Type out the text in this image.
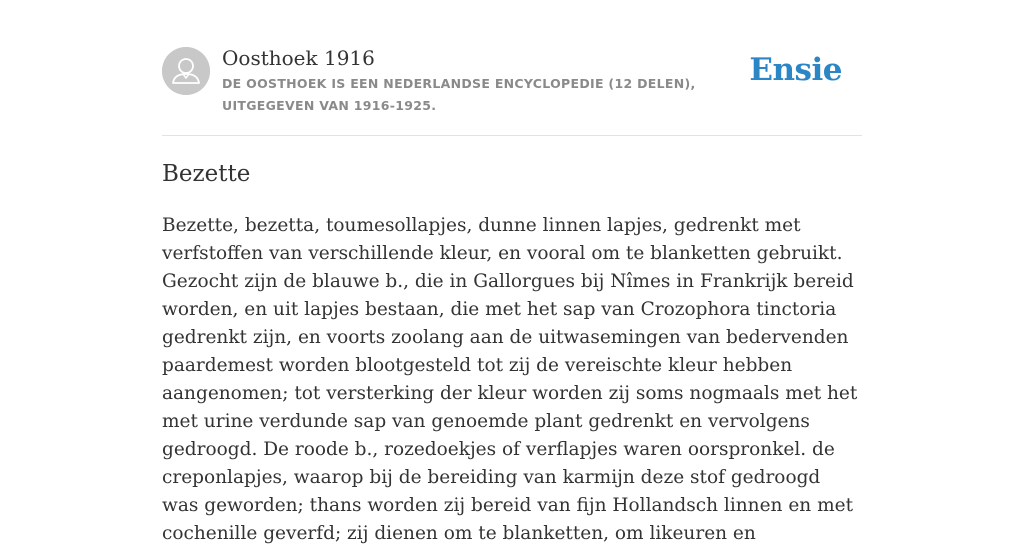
Oosthoek 1916
DE OOSTHOEK IS EEN NEDERLANDSE ENCYCLOPEDIE (12 DELEN), UITGEGEVEN VAN 1916-1925.
Ensie
Bezette

Bezette, bezetta, toumesollapjes, dunne linnen lapjes, gedrenkt met verfstoffen van verschillende kleur, en vooral om te blanketten gebruikt. Gezocht zijn de blauwe b., die in Gallorgues bij Nîmes in Frankrijk bereid worden, en uit lapjes bestaan, die met het sap van Crozophora tinctoria gedrenkt zijn, en voorts zoolang aan de uitwasemingen van bedervenden paardemest worden blootgesteld tot zij de vereischte kleur hebben aangenomen; tot versterking der kleur worden zij soms nogmaals met het met urine verdunde sap van genoemde plant gedrenkt en vervolgens gedroogd. De roode b., rozedoekjes of verflapjes waren oorspronkel. de creponlapjes, waarop bij de bereiding van karmijn deze stof gedroogd was geworden; thans worden zij bereid van fijn Hollandsch linnen en met cochenille geverfd; zij dienen om te blanketten, om likeuren en
